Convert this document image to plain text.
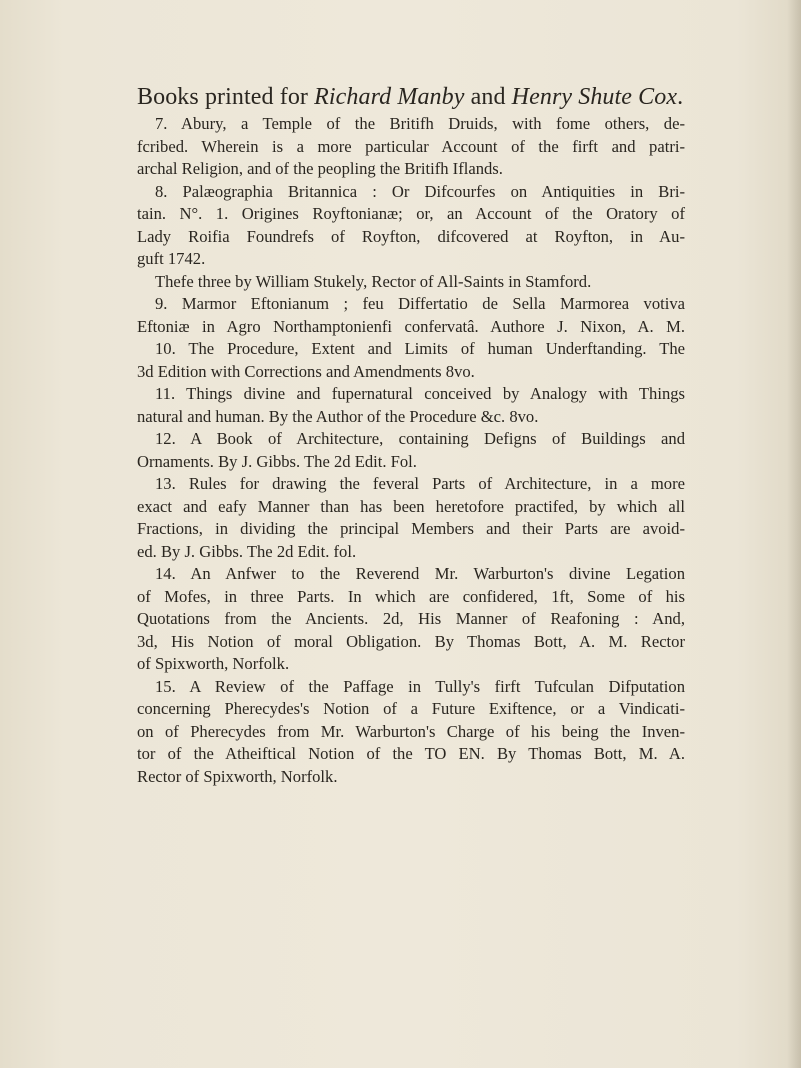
Books printed for Richard Manby and Henry Shute Cox.
7. Abury, a Temple of the Britifh Druids, with fome others, de-
fcribed. Wherein is a more particular Account of the firft and patri-
archal Religion, and of the peopling the Britifh Iflands.
8. Palæographia Britannica : Or Difcourfes on Antiquities in Bri-
tain. N°. 1. Origines Royftonianæ; or, an Account of the Oratory of
Lady Roifia Foundrefs of Royfton, difcovered at Royfton, in Au-
guft 1742.
Thefe three by William Stukely, Rector of All-Saints in Stamford.
9. Marmor Eftonianum ; feu Differtatio de Sella Marmorea votiva
Eftoniæ in Agro Northamptonienfi confervatâ. Authore J. Nixon, A. M.
10. The Procedure, Extent and Limits of human Underftanding. The
3d Edition with Corrections and Amendments 8vo.
11. Things divine and fupernatural conceived by Analogy with Things
natural and human. By the Author of the Procedure &c. 8vo.
12. A Book of Architecture, containing Defigns of Buildings and
Ornaments. By J. Gibbs. The 2d Edit. Fol.
13. Rules for drawing the feveral Parts of Architecture, in a more
exact and eafy Manner than has been heretofore practifed, by which all
Fractions, in dividing the principal Members and their Parts are avoid-
ed. By J. Gibbs. The 2d Edit. fol.
14. An Anfwer to the Reverend Mr. Warburton's divine Legation
of Mofes, in three Parts. In which are confidered, 1ft, Some of his
Quotations from the Ancients. 2d, His Manner of Reafoning : And,
3d, His Notion of moral Obligation. By Thomas Bott, A. M. Rector
of Spixworth, Norfolk.
15. A Review of the Paffage in Tully's firft Tufculan Difputation
concerning Pherecydes's Notion of a Future Exiftence, or a Vindicati-
on of Pherecydes from Mr. Warburton's Charge of his being the Inven-
tor of the Atheiftical Notion of the TO EN. By Thomas Bott, M. A.
Rector of Spixworth, Norfolk.
